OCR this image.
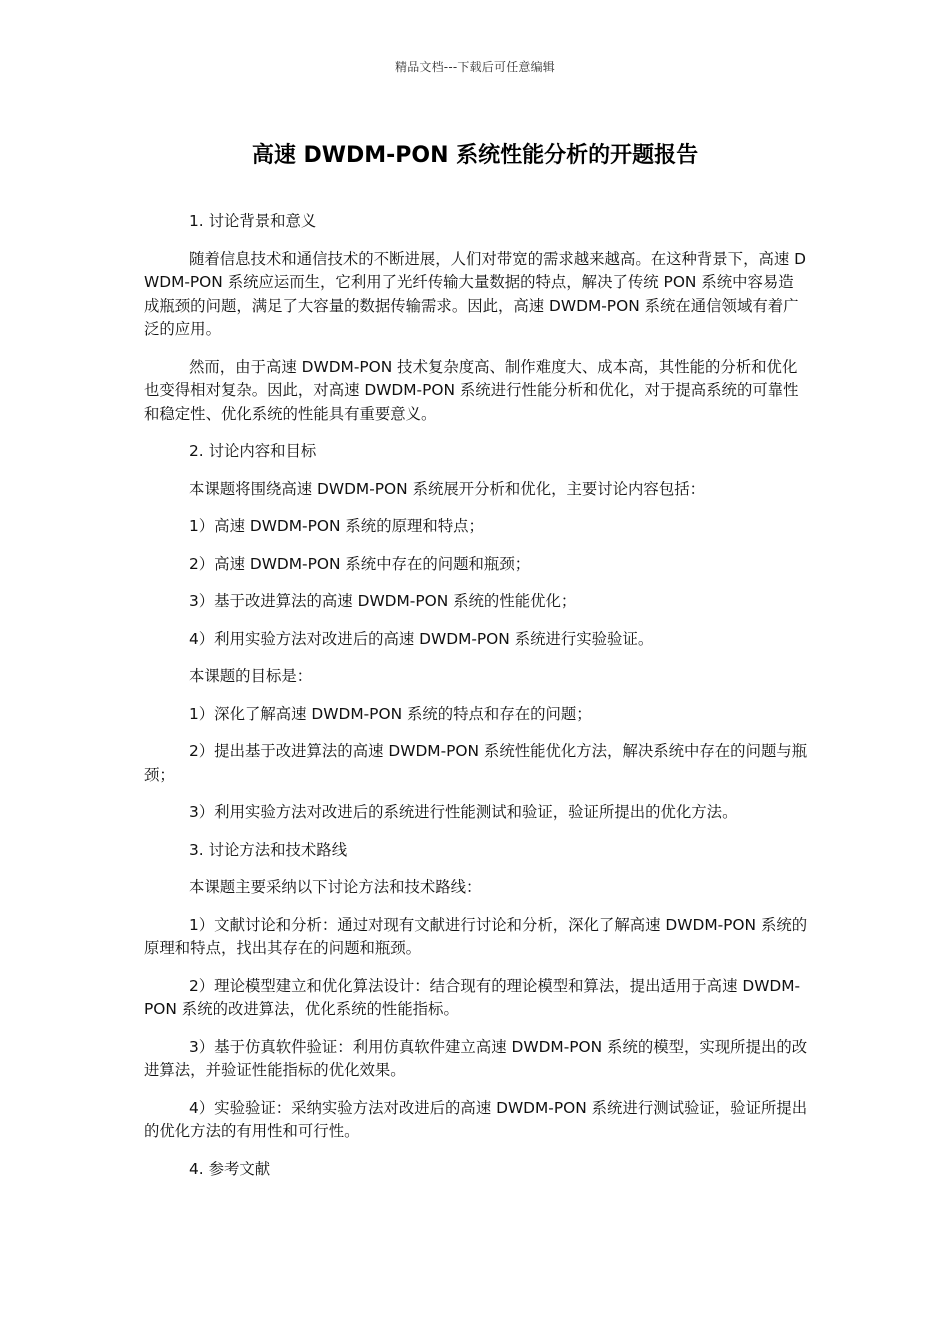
精品文档---下载后可任意编辑
高速 DWDM-PON 系统性能分析的开题报告

1. 讨论背景和意义

随着信息技术和通信技术的不断进展，人们对带宽的需求越来越高。在这种背景下，高速 DWDM-PON 系统应运而生，它利用了光纤传输大量数据的特点，解决了传统 PON 系统中容易造成瓶颈的问题，满足了大容量的数据传输需求。因此，高速 DWDM-PON 系统在通信领域有着广泛的应用。

然而，由于高速 DWDM-PON 技术复杂度高、制作难度大、成本高，其性能的分析和优化也变得相对复杂。因此，对高速 DWDM-PON 系统进行性能分析和优化，对于提高系统的可靠性和稳定性、优化系统的性能具有重要意义。

2. 讨论内容和目标

本课题将围绕高速 DWDM-PON 系统展开分析和优化，主要讨论内容包括：

1）高速 DWDM-PON 系统的原理和特点；

2）高速 DWDM-PON 系统中存在的问题和瓶颈；

3）基于改进算法的高速 DWDM-PON 系统的性能优化；

4）利用实验方法对改进后的高速 DWDM-PON 系统进行实验验证。

本课题的目标是：

1）深化了解高速 DWDM-PON 系统的特点和存在的问题；

2）提出基于改进算法的高速 DWDM-PON 系统性能优化方法，解决系统中存在的问题与瓶颈；

3）利用实验方法对改进后的系统进行性能测试和验证，验证所提出的优化方法。

3. 讨论方法和技术路线

本课题主要采纳以下讨论方法和技术路线：

1）文献讨论和分析：通过对现有文献进行讨论和分析，深化了解高速 DWDM-PON 系统的原理和特点，找出其存在的问题和瓶颈。

2）理论模型建立和优化算法设计：结合现有的理论模型和算法，提出适用于高速 DWDM-PON 系统的改进算法，优化系统的性能指标。

3）基于仿真软件验证：利用仿真软件建立高速 DWDM-PON 系统的模型，实现所提出的改进算法，并验证性能指标的优化效果。

4）实验验证：采纳实验方法对改进后的高速 DWDM-PON 系统进行测试验证，验证所提出的优化方法的有用性和可行性。

4. 参考文献
